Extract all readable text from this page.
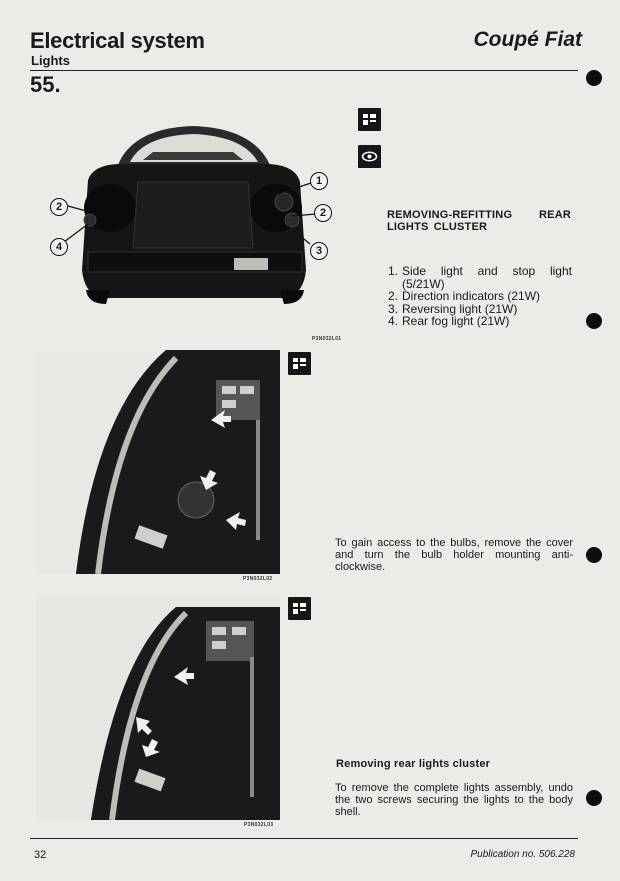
Electrical system	Coupé Fiat
Lights
55.
1
2
3
2
4
P3N032L01
REMOVING-REFITTING REAR LIGHTS CLUSTER
1. Side light and stop light (5/21W)
2. Direction indicators (21W)
3. Reversing light (21W)
4. Rear fog light (21W)
P3N032L02
To gain access to the bulbs, remove the cover and turn the bulb holder mounting anti-clockwise.
P3N032L03
Removing rear lights cluster
To remove the complete lights assembly, undo the two screws securing the lights to the body shell.
32	Publication no. 506.228
